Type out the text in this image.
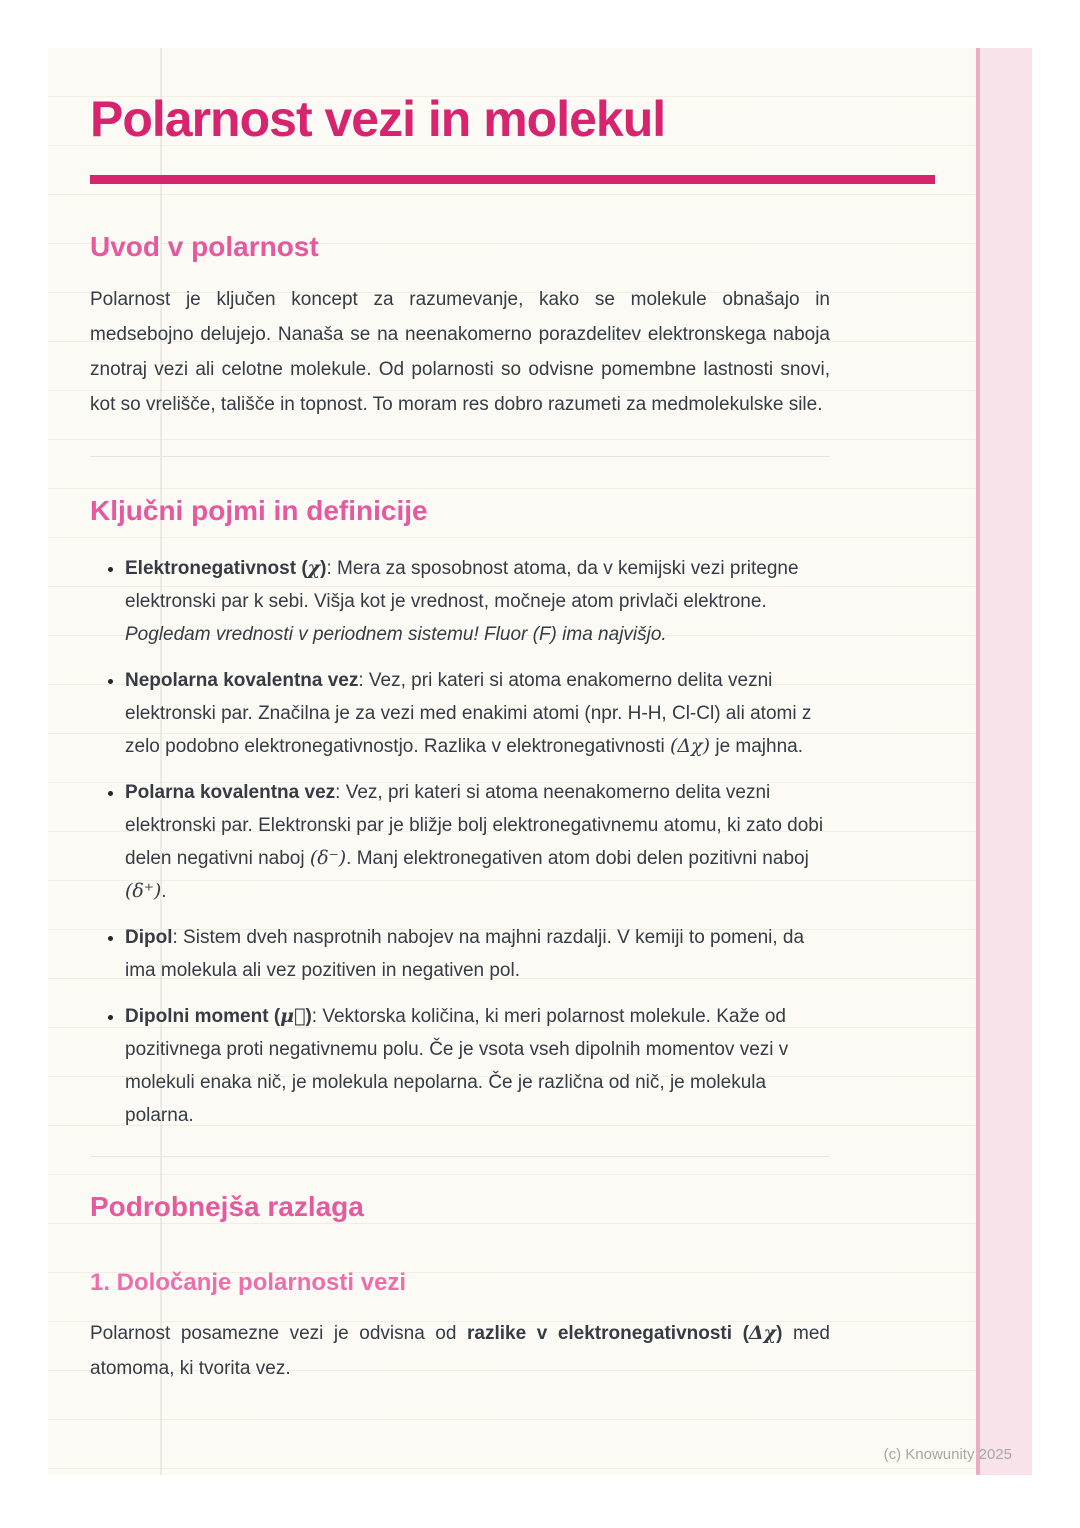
Polarnost vezi in molekul
Uvod v polarnost

Polarnost je ključen koncept za razumevanje, kako se molekule obnašajo in medsebojno delujejo. Nanaša se na neenakomerno porazdelitev elektronskega naboja znotraj vezi ali celotne molekule. Od polarnosti so odvisne pomembne lastnosti snovi, kot so vrelišče, tališče in topnost. To moram res dobro razumeti za medmolekulske sile.

Ključni pojmi in definicije
• Elektronegativnost (χ): Mera za sposobnost atoma, da v kemijski vezi pritegne elektronski par k sebi. Višja kot je vrednost, močneje atom privlači elektrone. Pogledam vrednosti v periodnem sistemu! Fluor (F) ima najvišjo.
• Nepolarna kovalentna vez: Vez, pri kateri si atoma enakomerno delita vezni elektronski par. Značilna je za vezi med enakimi atomi (npr. H-H, Cl-Cl) ali atomi z zelo podobno elektronegativnostjo. Razlika v elektronegativnosti (Δχ) je majhna.
• Polarna kovalentna vez: Vez, pri kateri si atoma neenakomerno delita vezni elektronski par. Elektronski par je bližje bolj elektronegativnemu atomu, ki zato dobi delen negativni naboj (δ⁻). Manj elektronegativen atom dobi delen pozitivni naboj (δ⁺).
• Dipol: Sistem dveh nasprotnih nabojev na majhni razdalji. V kemiji to pomeni, da ima molekula ali vez pozitiven in negativen pol.
• Dipolni moment (μ⃗): Vektorska količina, ki meri polarnost molekule. Kaže od pozitivnega proti negativnemu polu. Če je vsota vseh dipolnih momentov vezi v molekuli enaka nič, je molekula nepolarna. Če je različna od nič, je molekula polarna.
Podrobnejša razlaga
1. Določanje polarnosti vezi

Polarnost posamezne vezi je odvisna od razlike v elektronegativnosti (Δχ) med atomoma, ki tvorita vez.

(c) Knowunity 2025
